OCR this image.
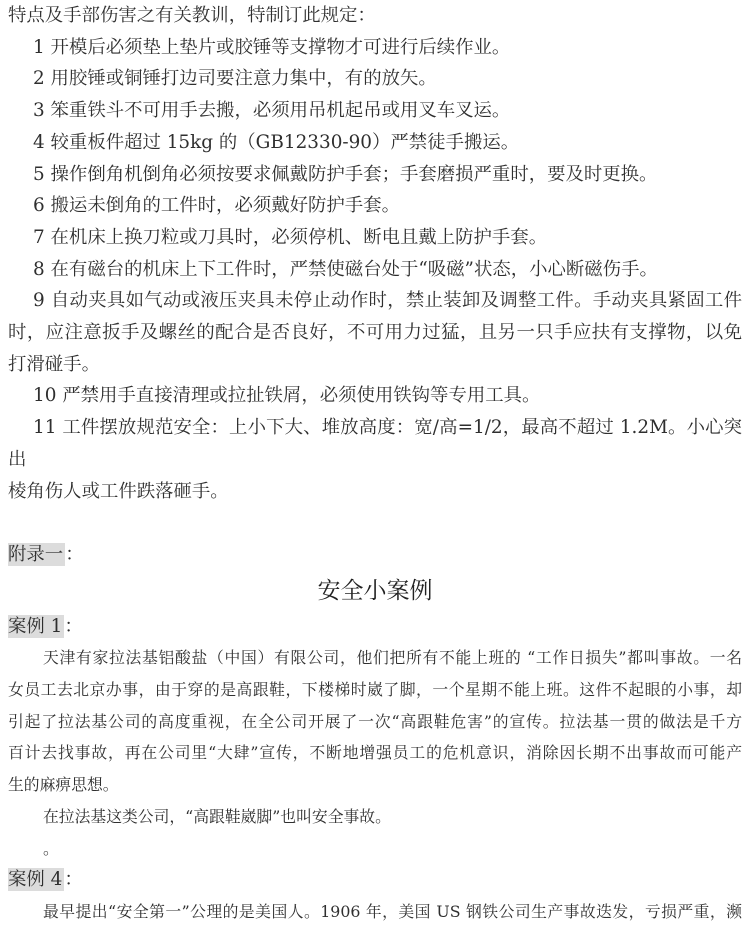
特点及手部伤害之有关教训，特制订此规定：
1 开模后必须垫上垫片或胶锤等支撑物才可进行后续作业。
2 用胶锤或铜锤打边司要注意力集中，有的放矢。
3 笨重铁斗不可用手去搬，必须用吊机起吊或用叉车叉运。
4 较重板件超过 15kg 的（GB12330-90）严禁徒手搬运。
5 操作倒角机倒角必须按要求佩戴防护手套；手套磨损严重时，要及时更换。
6 搬运未倒角的工件时，必须戴好防护手套。
7 在机床上换刀粒或刀具时，必须停机、断电且戴上防护手套。
8 在有磁台的机床上下工件时，严禁使磁台处于“吸磁”状态，小心断磁伤手。
9 自动夹具如气动或液压夹具未停止动作时，禁止装卸及调整工件。手动夹具紧固工件
时，应注意扳手及螺丝的配合是否良好，不可用力过猛，且另一只手应扶有支撑物，以免
打滑碰手。
10 严禁用手直接清理或拉扯铁屑，必须使用铁钩等专用工具。
11 工件摆放规范安全：上小下大、堆放高度：宽/高=1/2，最高不超过 1.2M。小心突出
棱角伤人或工件跌落砸手。
附录一 ：
安全小案例
案例 1 ：
天津有家拉法基铝酸盐（中国）有限公司，他们把所有不能上班的 “工作日损失”都叫事故。一名
女员工去北京办事，由于穿的是高跟鞋，下楼梯时崴了脚，一个星期不能上班。这件不起眼的小事，却
引起了拉法基公司的高度重视，在全公司开展了一次“高跟鞋危害”的宣传。拉法基一贯的做法是千方
百计去找事故，再在公司里“大肆”宣传，不断地增强员工的危机意识，消除因长期不出事故而可能产
生的麻痹思想。
在拉法基这类公司，“高跟鞋崴脚”也叫安全事故。
。
案例 4 ：
最早提出“安全第一”公理的是美国人。1906 年，美国 US 钢铁公司生产事故迭发，亏损严重，濒
